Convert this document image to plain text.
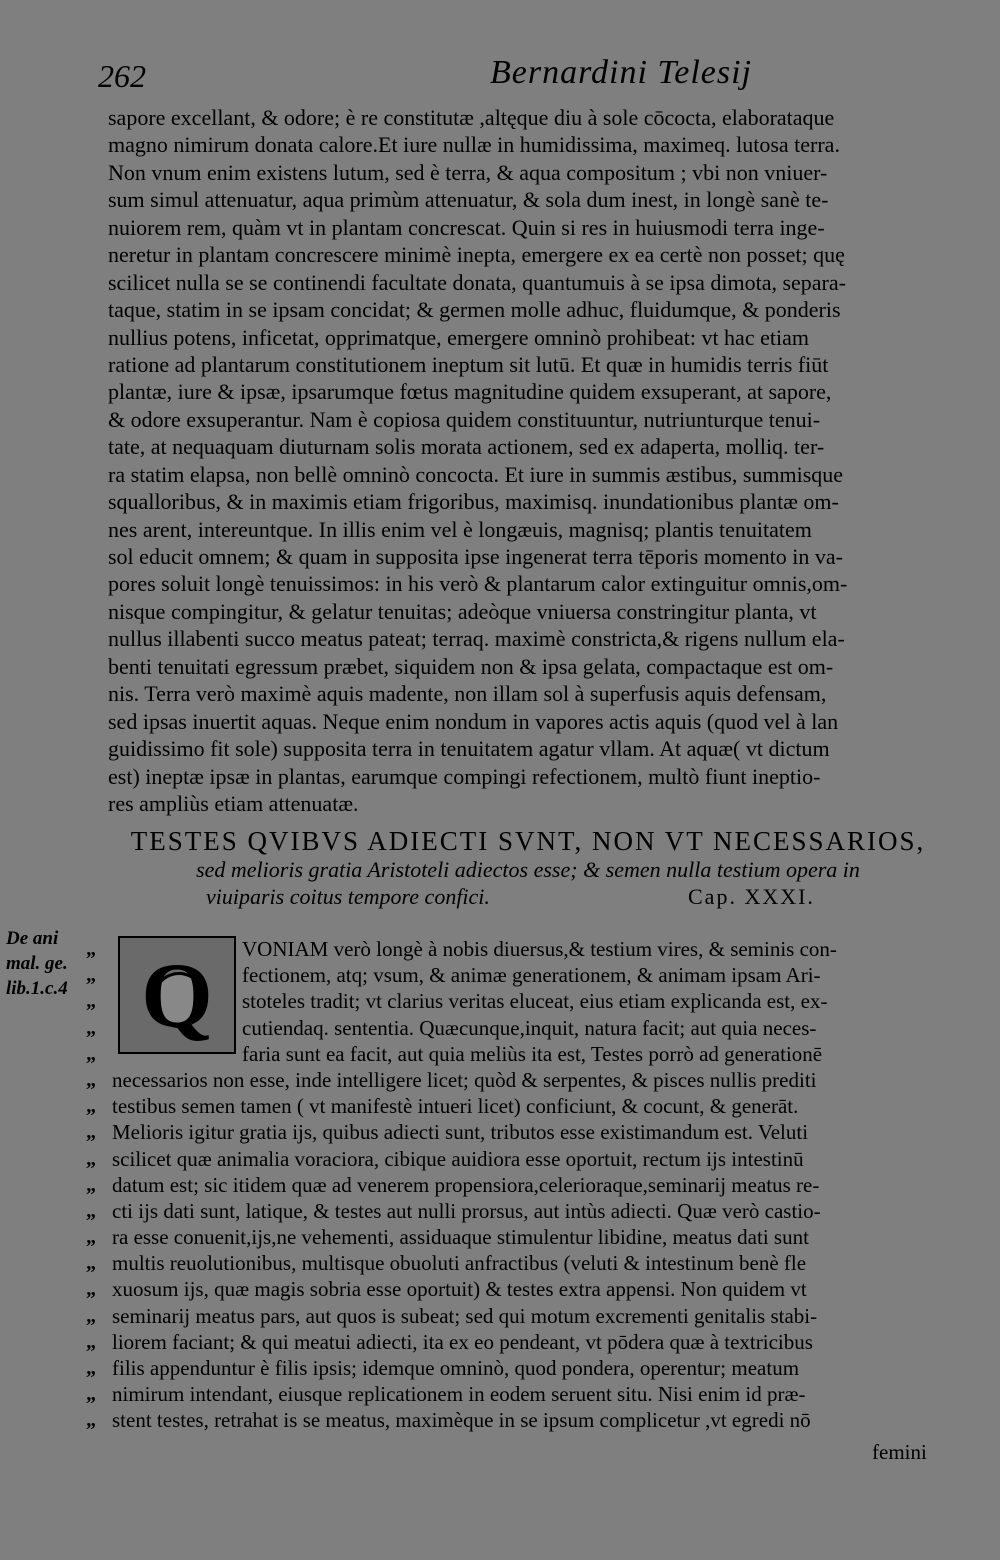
262	Bernardini Telesij
sapore excellant, & odore; è re constitutæ ,altęque diu à sole cōcocta, elaborataque
magno nimirum donata calore.Et iure nullæ in humidissima, maximeq. lutosa terra.
Non vnum enim existens lutum, sed è terra, & aqua compositum ; vbi non vniuer-
sum simul attenuatur, aqua primùm attenuatur, & sola dum inest, in longè sanè te-
nuiorem rem, quàm vt in plantam concrescat. Quin si res in huiusmodi terra inge-
neretur in plantam concrescere minimè inepta, emergere ex ea certè non posset; quę
scilicet nulla se se continendi facultate donata, quantumuis à se ipsa dimota, separa-
taque, statim in se ipsam concidat; & germen molle adhuc, fluidumque, & ponderis
nullius potens, inficetat, opprimatque, emergere omninò prohibeat: vt hac etiam
ratione ad plantarum constitutionem ineptum sit lutū. Et quæ in humidis terris fiūt
plantæ, iure & ipsæ, ipsarumque fœtus magnitudine quidem exsuperant, at sapore,
& odore exsuperantur. Nam è copiosa quidem constituuntur, nutriunturque tenui-
tate, at nequaquam diuturnam solis morata actionem, sed ex adaperta, molliq. ter-
ra statim elapsa, non bellè omninò concocta. Et iure in summis æstibus, summisque
squalloribus, & in maximis etiam frigoribus, maximisq. inundationibus plantæ om-
nes arent, intereuntque. In illis enim vel è longæuis, magnisq; plantis tenuitatem
sol educit omnem; & quam in supposita ipse ingenerat terra tēporis momento in va-
pores soluit longè tenuissimos: in his verò & plantarum calor extinguitur omnis,om-
nisque compingitur, & gelatur tenuitas; adeòque vniuersa constringitur planta, vt
nullus illabenti succo meatus pateat; terraq. maximè constricta,& rigens nullum ela-
benti tenuitati egressum præbet, siquidem non & ipsa gelata, compactaque est om-
nis. Terra verò maximè aquis madente, non illam sol à superfusis aquis defensam,
sed ipsas inuertit aquas. Neque enim nondum in vapores actis aquis (quod vel à lan
guidissimo fit sole) supposita terra in tenuitatem agatur vllam. At aquæ( vt dictum
est) ineptæ ipsæ in plantas, earumque compingi refectionem, multò fiunt ineptio-
res ampliùs etiam attenuatæ.
TESTES QVIBVS ADIECTI SVNT, NON VT NECESSARIOS,
sed melioris gratia Aristoteli adiectos esse; & semen nulla testium opera in
viuiparis coitus tempore confici.	Cap. XXXI.
De ani
mal. ge.
lib.1.c.4
„
„
„
„
„
„
„
„
„
„
„
„
„
„
„
„
„
„
„
Q	VONIAM verò longè à nobis diuersus,& testium vires, & seminis con-
fectionem, atq; vsum, & animæ generationem, & animam ipsam Ari-
stoteles tradit; vt clarius veritas eluceat, eius etiam explicanda est, ex-
cutiendaq. sententia. Quæcunque,inquit, natura facit; aut quia neces-
faria sunt ea facit, aut quia meliùs ita est, Testes porrò ad generationē
necessarios non esse, inde intelligere licet; quòd & serpentes, & pisces nullis prediti
testibus semen tamen ( vt manifestè intueri licet) conficiunt, & cocunt, & generāt.
Melioris igitur gratia ijs, quibus adiecti sunt, tributos esse existimandum est. Veluti
scilicet quæ animalia voraciora, cibique auidiora esse oportuit, rectum ijs intestinū
datum est; sic itidem quæ ad venerem propensiora,celerioraque,seminarij meatus re-
cti ijs dati sunt, latique, & testes aut nulli prorsus, aut intùs adiecti. Quæ verò castio-
ra esse conuenit,ijs,ne vehementi, assiduaque stimulentur libidine, meatus dati sunt
multis reuolutionibus, multisque obuoluti anfractibus (veluti & intestinum benè fle
xuosum ijs, quæ magis sobria esse oportuit) & testes extra appensi. Non quidem vt
seminarij meatus pars, aut quos is subeat; sed qui motum excrementi genitalis stabi-
liorem faciant; & qui meatui adiecti, ita ex eo pendeant, vt pōdera quæ à textricibus
filis appenduntur è filis ipsis; idemque omninò, quod pondera, operentur; meatum
nimirum intendant, eiusque replicationem in eodem seruent situ. Nisi enim id præ-
stent testes, retrahat is se meatus, maximèque in se ipsum complicetur ,vt egredi nō
femini
